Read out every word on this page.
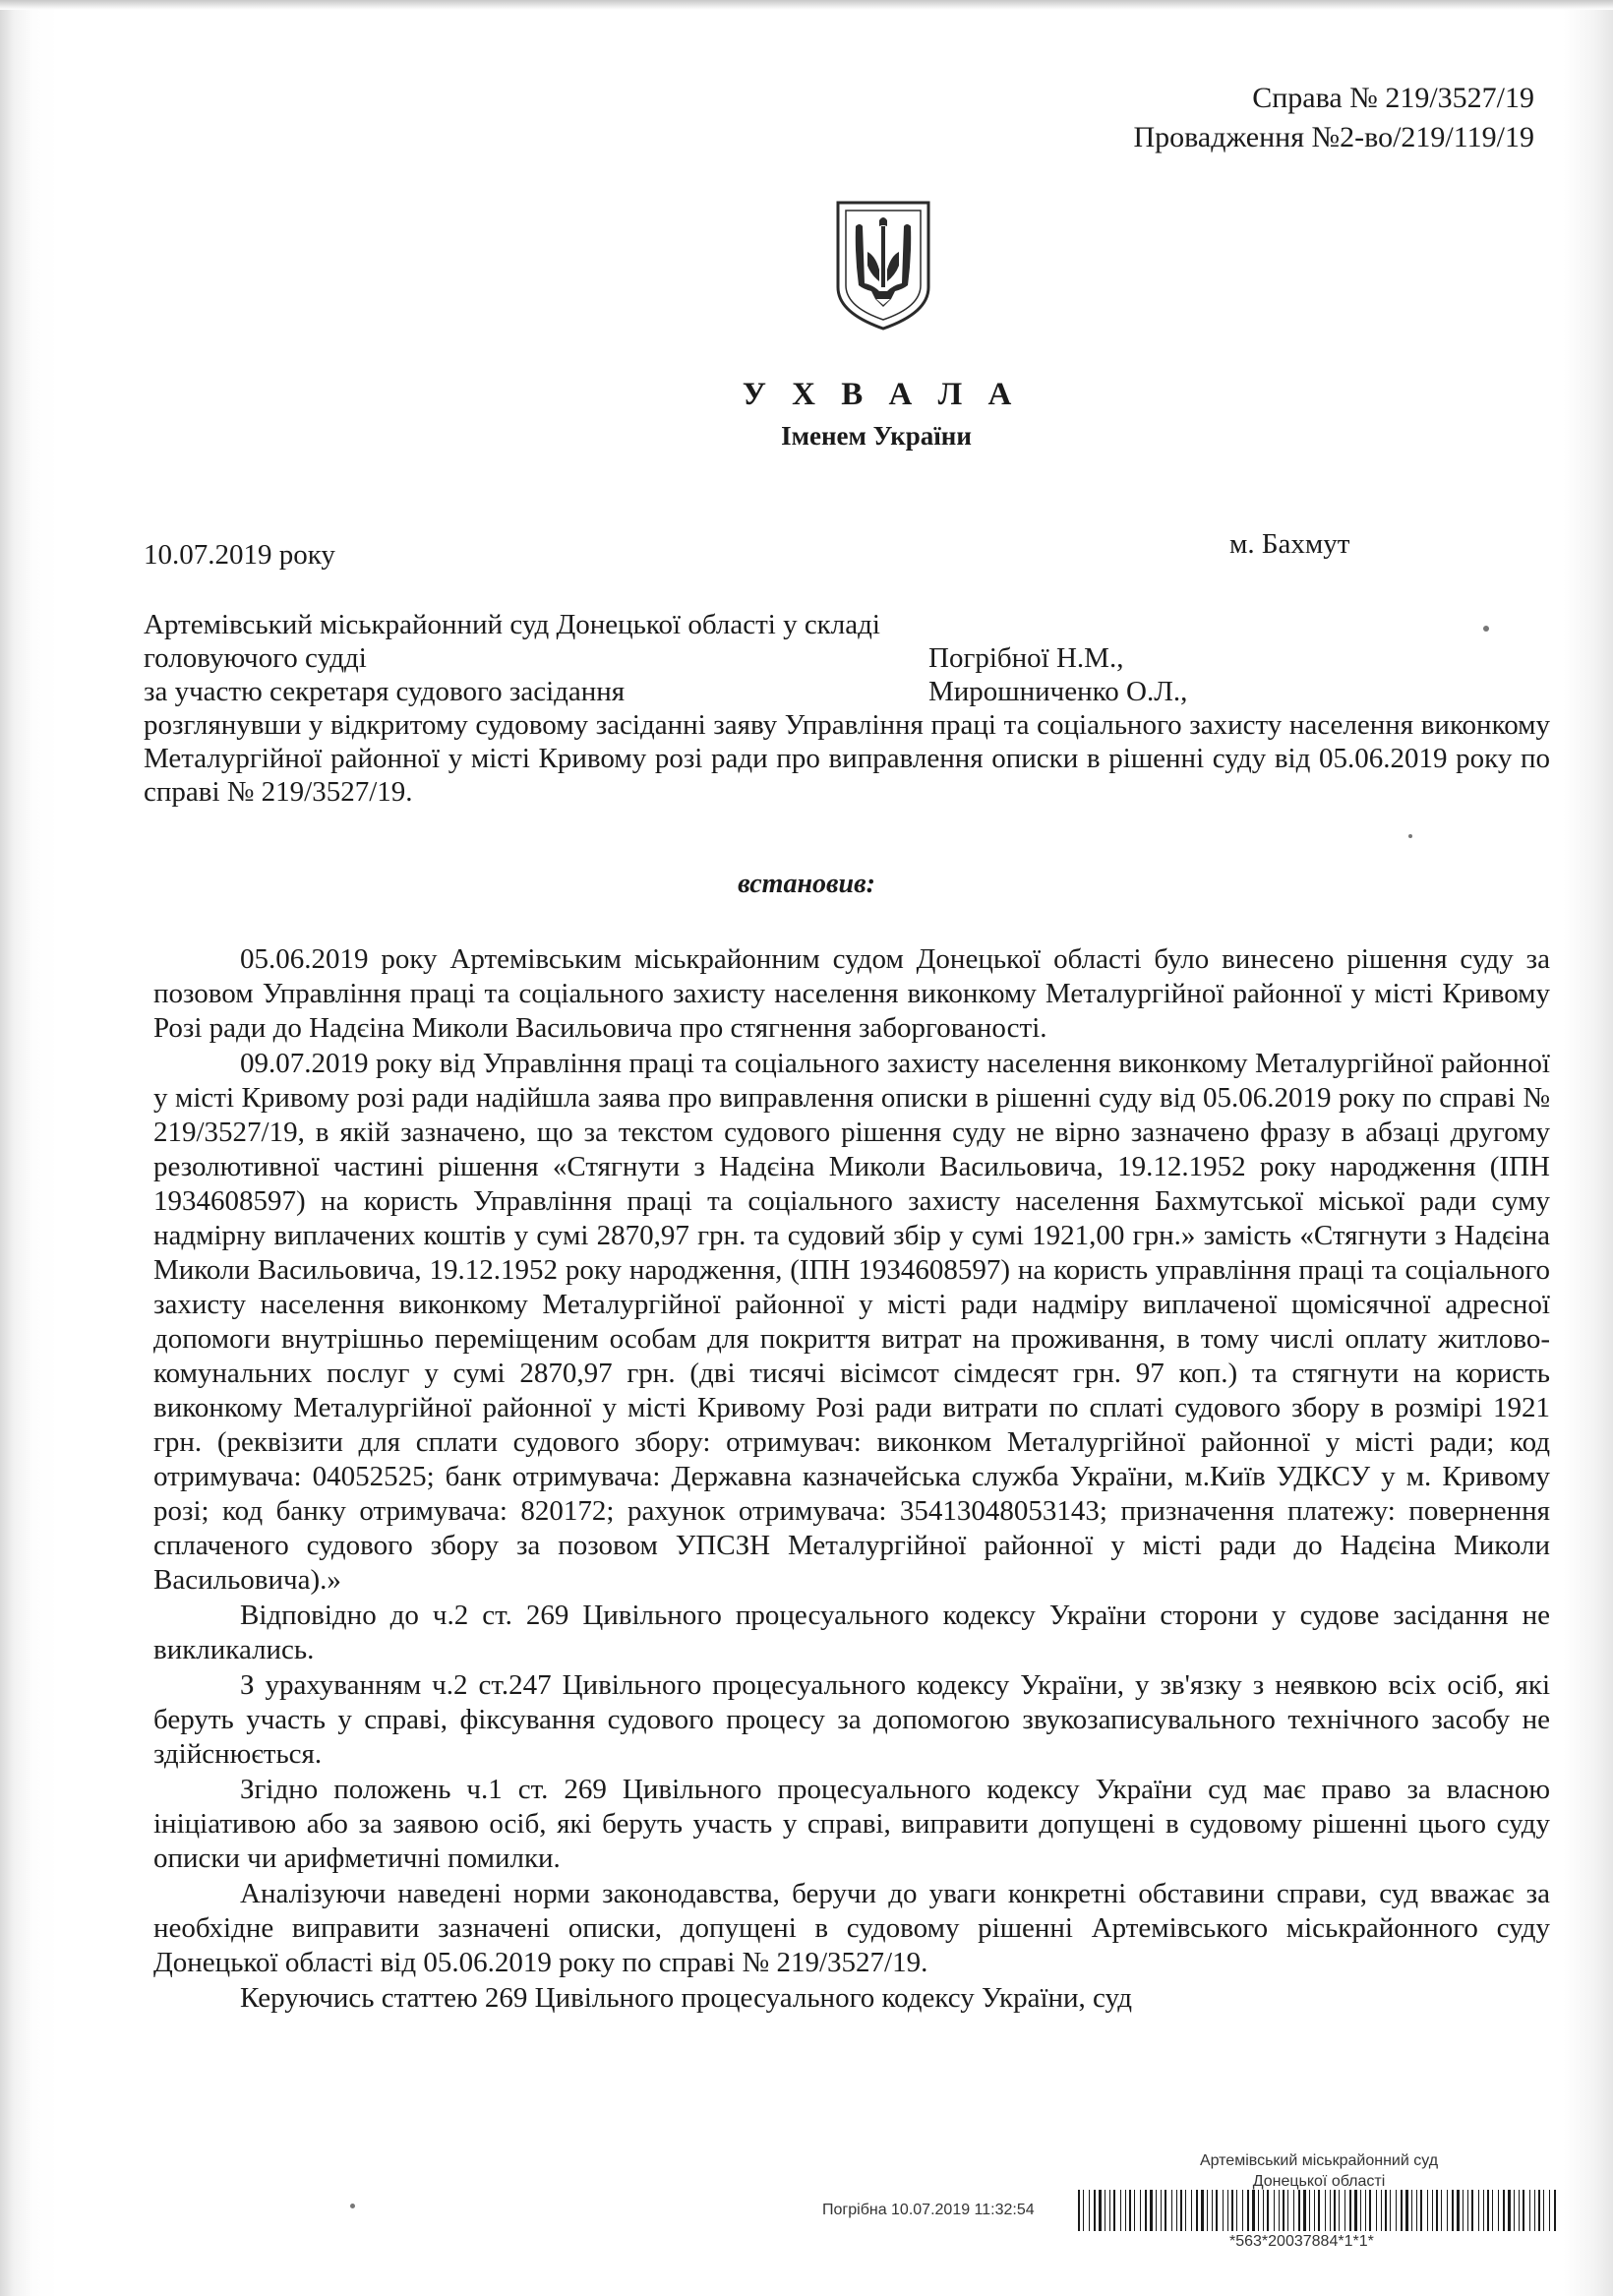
Справа № 219/3527/19
Провадження №2-во/219/119/19
У Х В А Л А
Іменем України
10.07.2019 року	м. Бахмут
Артемівський міськрайонний суд Донецької області у складі
головуючого судді	Погрібної Н.М.,
за участю секретаря судового засідання	Мирошниченко О.Л.,
розглянувши у відкритому судовому засіданні заяву Управління праці та соціального захисту населення виконкому Металургійної районної у місті Кривому розі ради про виправлення описки в рішенні суду від 05.06.2019 року по справі № 219/3527/19.
встановив:

05.06.2019 року Артемівським міськрайонним судом Донецької області було винесено рішення суду за позовом Управління праці та соціального захисту населення виконкому Металургійної районної у місті Кривому Розі ради до Надєіна Миколи Васильовича про стягнення заборгованості.

09.07.2019 року від Управління праці та соціального захисту населення виконкому Металургійної районної у місті Кривому розі ради надійшла заява про виправлення описки в рішенні суду від 05.06.2019 року по справі № 219/3527/19, в якій зазначено, що за текстом судового рішення суду не вірно зазначено фразу в абзаці другому резолютивної частині рішення «Стягнути з Надєіна Миколи Васильовича, 19.12.1952 року народження (ІПН 1934608597) на користь Управління праці та соціального захисту населення Бахмутської міської ради суму надмірну виплачених коштів у сумі 2870,97 грн. та судовий збір у сумі 1921,00 грн.» замість «Стягнути з Надєіна Миколи Васильовича, 19.12.1952 року народження, (ІПН 1934608597) на користь управління праці та соціального захисту населення виконкому Металургійної районної у місті ради надміру виплаченої щомісячної адресної допомоги внутрішньо переміщеним особам для покриття витрат на проживання, в тому числі оплату житлово-комунальних послуг у сумі 2870,97 грн. (дві тисячі вісімсот сімдесят грн. 97 коп.) та стягнути на користь виконкому Металургійної районної у місті Кривому Розі ради витрати по сплаті судового збору в розмірі 1921 грн. (реквізити для сплати судового збору: отримувач: виконком Металургійної районної у місті ради; код отримувача: 04052525; банк отримувача: Державна казначейська служба України, м.Київ УДКСУ у м. Кривому розі; код банку отримувача: 820172; рахунок отримувача: 35413048053143; призначення платежу: повернення сплаченого судового збору за позовом УПСЗН Металургійної районної у місті ради до Надєіна Миколи Васильовича).»

Відповідно до ч.2 ст. 269 Цивільного процесуального кодексу України сторони у судове засідання не викликались.

З урахуванням ч.2 ст.247 Цивільного процесуального кодексу України, у зв'язку з неявкою всіх осіб, які беруть участь у справі, фіксування судового процесу за допомогою звукозаписувального технічного засобу не здійснюється.

Згідно положень ч.1 ст. 269 Цивільного процесуального кодексу України суд має право за власною ініціативою або за заявою осіб, які беруть участь у справі, виправити допущені в судовому рішенні цього суду описки чи арифметичні помилки.

Аналізуючи наведені норми законодавства, беручи до уваги конкретні обставини справи, суд вважає за необхідне виправити зазначені описки, допущені в судовому рішенні Артемівського міськрайонного суду Донецької області від 05.06.2019 року по справі № 219/3527/19.

Керуючись статтею 269 Цивільного процесуального кодексу України, суд

Артемівський міськрайонний суд
Донецької області
Погрібна 10.07.2019 11:32:54
*563*20037884*1*1*
